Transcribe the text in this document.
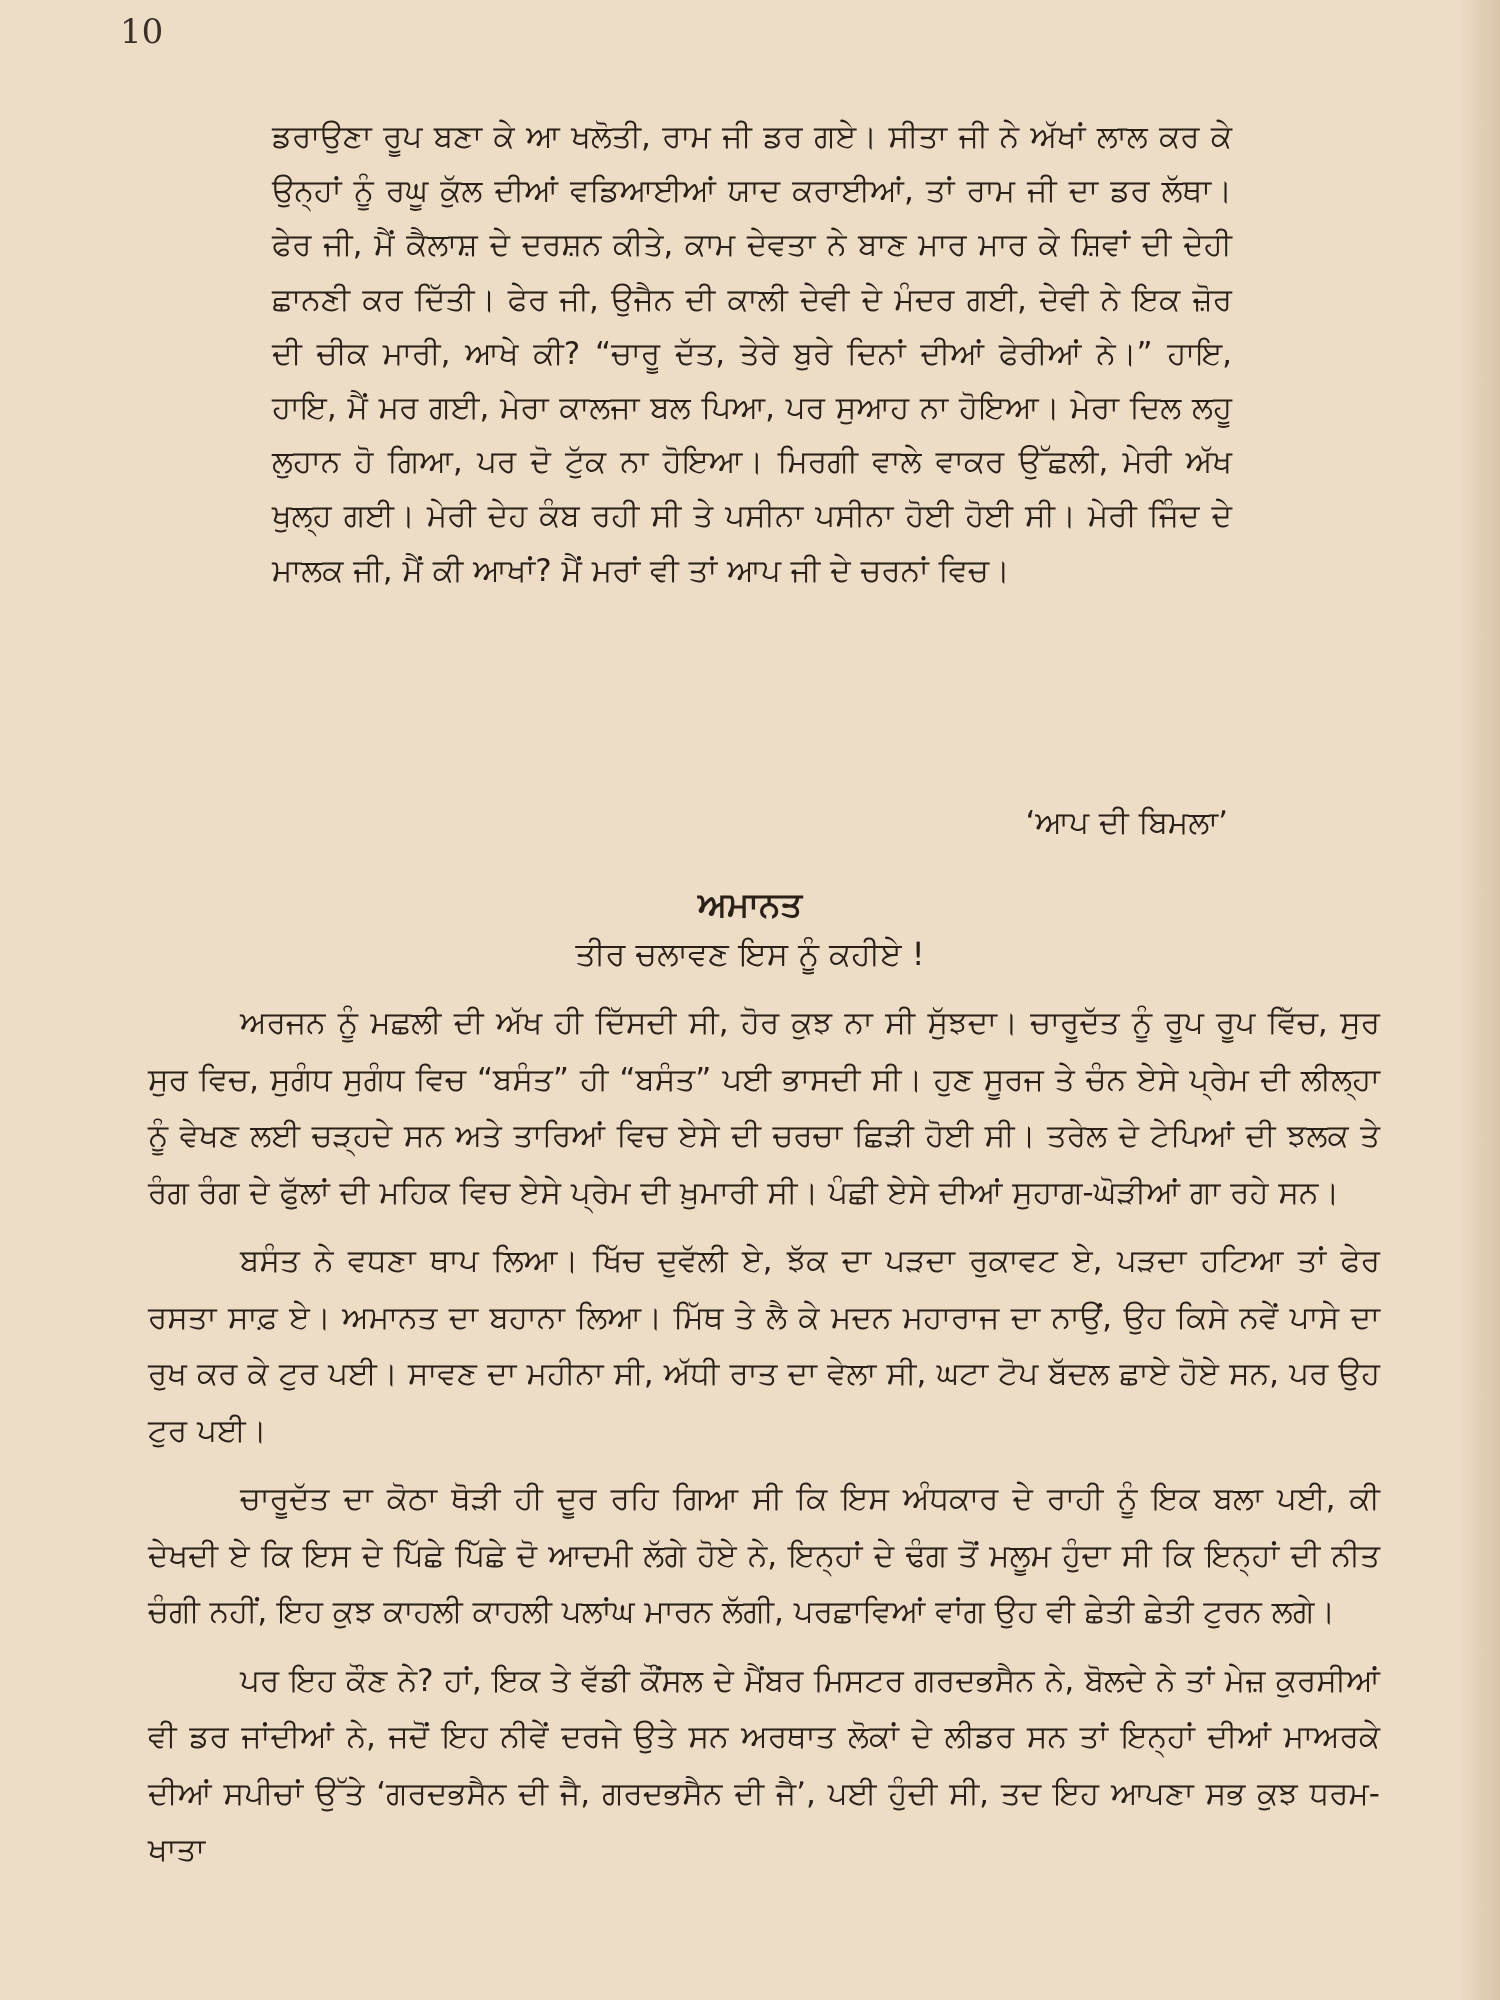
10

ਡਰਾਉਣਾ ਰੂਪ ਬਣਾ ਕੇ ਆ ਖਲੋਤੀ, ਰਾਮ ਜੀ ਡਰ ਗਏ। ਸੀਤਾ ਜੀ ਨੇ ਅੱਖਾਂ ਲਾਲ ਕਰ ਕੇ ਉਨ੍ਹਾਂ ਨੂੰ ਰਘੂ ਕੁੱਲ ਦੀਆਂ ਵਡਿਆਈਆਂ ਯਾਦ ਕਰਾਈਆਂ, ਤਾਂ ਰਾਮ ਜੀ ਦਾ ਡਰ ਲੱਥਾ। ਫੇਰ ਜੀ, ਮੈਂ ਕੈਲਾਸ਼ ਦੇ ਦਰਸ਼ਨ ਕੀਤੇ, ਕਾਮ ਦੇਵਤਾ ਨੇ ਬਾਣ ਮਾਰ ਮਾਰ ਕੇ ਸ਼ਿਵਾਂ ਦੀ ਦੇਹੀ ਛਾਨਣੀ ਕਰ ਦਿੱਤੀ। ਫੇਰ ਜੀ, ਉਜੈਨ ਦੀ ਕਾਲੀ ਦੇਵੀ ਦੇ ਮੰਦਰ ਗਈ, ਦੇਵੀ ਨੇ ਇਕ ਜ਼ੋਰ ਦੀ ਚੀਕ ਮਾਰੀ, ਆਖੇ ਕੀ? “ਚਾਰੂ ਦੱਤ, ਤੇਰੇ ਬੁਰੇ ਦਿਨਾਂ ਦੀਆਂ ਫੇਰੀਆਂ ਨੇ।” ਹਾਇ, ਹਾਇ, ਮੈਂ ਮਰ ਗਈ, ਮੇਰਾ ਕਾਲਜਾ ਬਲ ਪਿਆ, ਪਰ ਸੁਆਹ ਨਾ ਹੋਇਆ। ਮੇਰਾ ਦਿਲ ਲਹੂ ਲੁਹਾਨ ਹੋ ਗਿਆ, ਪਰ ਦੋ ਟੁੱਕ ਨਾ ਹੋਇਆ। ਮਿਰਗੀ ਵਾਲੇ ਵਾਕਰ ਉੱਛਲੀ, ਮੇਰੀ ਅੱਖ ਖੁਲ੍ਹ ਗਈ। ਮੇਰੀ ਦੇਹ ਕੰਬ ਰਹੀ ਸੀ ਤੇ ਪਸੀਨਾ ਪਸੀਨਾ ਹੋਈ ਹੋਈ ਸੀ। ਮੇਰੀ ਜਿੰਦ ਦੇ ਮਾਲਕ ਜੀ, ਮੈਂ ਕੀ ਆਖਾਂ? ਮੈਂ ਮਰਾਂ ਵੀ ਤਾਂ ਆਪ ਜੀ ਦੇ ਚਰਨਾਂ ਵਿਚ।

‘ਆਪ ਦੀ ਬਿਮਲਾ’
ਅਮਾਨਤ
ਤੀਰ ਚਲਾਵਣ ਇਸ ਨੂੰ ਕਹੀਏ !

ਅਰਜਨ ਨੂੰ ਮਛਲੀ ਦੀ ਅੱਖ ਹੀ ਦਿੱਸਦੀ ਸੀ, ਹੋਰ ਕੁਝ ਨਾ ਸੀ ਸੁੱਝਦਾ। ਚਾਰੂਦੱਤ ਨੂੰ ਰੂਪ ਰੂਪ ਵਿੱਚ, ਸੁਰ ਸੁਰ ਵਿਚ, ਸੁਗੰਧ ਸੁਗੰਧ ਵਿਚ “ਬਸੰਤ” ਹੀ “ਬਸੰਤ” ਪਈ ਭਾਸਦੀ ਸੀ। ਹੁਣ ਸੂਰਜ ਤੇ ਚੰਨ ਏਸੇ ਪ੍ਰੇਮ ਦੀ ਲੀਲ੍ਹਾ ਨੂੰ ਵੇਖਣ ਲਈ ਚੜ੍ਹਦੇ ਸਨ ਅਤੇ ਤਾਰਿਆਂ ਵਿਚ ਏਸੇ ਦੀ ਚਰਚਾ ਛਿੜੀ ਹੋਈ ਸੀ। ਤਰੇਲ ਦੇ ਟੇਪਿਆਂ ਦੀ ਝਲਕ ਤੇ ਰੰਗ ਰੰਗ ਦੇ ਫੁੱਲਾਂ ਦੀ ਮਹਿਕ ਵਿਚ ਏਸੇ ਪ੍ਰੇਮ ਦੀ ਖ਼ੁਮਾਰੀ ਸੀ। ਪੰਛੀ ਏਸੇ ਦੀਆਂ ਸੁਹਾਗ-ਘੋੜੀਆਂ ਗਾ ਰਹੇ ਸਨ।

ਬਸੰਤ ਨੇ ਵਧਣਾ ਥਾਪ ਲਿਆ। ਖਿੱਚ ਦੁਵੱਲੀ ਏ, ਝੱਕ ਦਾ ਪੜਦਾ ਰੁਕਾਵਟ ਏ, ਪੜਦਾ ਹਟਿਆ ਤਾਂ ਫੇਰ ਰਸਤਾ ਸਾਫ਼ ਏ। ਅਮਾਨਤ ਦਾ ਬਹਾਨਾ ਲਿਆ। ਮਿੱਥ ਤੇ ਲੈ ਕੇ ਮਦਨ ਮਹਾਰਾਜ ਦਾ ਨਾਉਂ, ਉਹ ਕਿਸੇ ਨਵੇਂ ਪਾਸੇ ਦਾ ਰੁਖ ਕਰ ਕੇ ਟੁਰ ਪਈ। ਸਾਵਣ ਦਾ ਮਹੀਨਾ ਸੀ, ਅੱਧੀ ਰਾਤ ਦਾ ਵੇਲਾ ਸੀ, ਘਟਾ ਟੋਪ ਬੱਦਲ ਛਾਏ ਹੋਏ ਸਨ, ਪਰ ਉਹ ਟੁਰ ਪਈ।

ਚਾਰੂਦੱਤ ਦਾ ਕੋਠਾ ਥੋੜੀ ਹੀ ਦੂਰ ਰਹਿ ਗਿਆ ਸੀ ਕਿ ਇਸ ਅੰਧਕਾਰ ਦੇ ਰਾਹੀ ਨੂੰ ਇਕ ਬਲਾ ਪਈ, ਕੀ ਦੇਖਦੀ ਏ ਕਿ ਇਸ ਦੇ ਪਿੱਛੇ ਪਿੱਛੇ ਦੋ ਆਦਮੀ ਲੱਗੇ ਹੋਏ ਨੇ, ਇਨ੍ਹਾਂ ਦੇ ਢੰਗ ਤੋਂ ਮਲੂਮ ਹੁੰਦਾ ਸੀ ਕਿ ਇਨ੍ਹਾਂ ਦੀ ਨੀਤ ਚੰਗੀ ਨਹੀਂ, ਇਹ ਕੁਝ ਕਾਹਲੀ ਕਾਹਲੀ ਪਲਾਂਘ ਮਾਰਨ ਲੱਗੀ, ਪਰਛਾਵਿਆਂ ਵਾਂਗ ਉਹ ਵੀ ਛੇਤੀ ਛੇਤੀ ਟੁਰਨ ਲਗੇ।

ਪਰ ਇਹ ਕੌਣ ਨੇ? ਹਾਂ, ਇਕ ਤੇ ਵੱਡੀ ਕੌਂਸਲ ਦੇ ਮੈਂਬਰ ਮਿਸਟਰ ਗਰਦਭਸੈਨ ਨੇ, ਬੋਲਦੇ ਨੇ ਤਾਂ ਮੇਜ਼ ਕੁਰਸੀਆਂ ਵੀ ਡਰ ਜਾਂਦੀਆਂ ਨੇ, ਜਦੋਂ ਇਹ ਨੀਵੇਂ ਦਰਜੇ ਉਤੇ ਸਨ ਅਰਥਾਤ ਲੋਕਾਂ ਦੇ ਲੀਡਰ ਸਨ ਤਾਂ ਇਨ੍ਹਾਂ ਦੀਆਂ ਮਾਅਰਕੇ ਦੀਆਂ ਸਪੀਚਾਂ ਉੱਤੇ ‘ਗਰਦਭਸੈਨ ਦੀ ਜੈ, ਗਰਦਭਸੈਨ ਦੀ ਜੈ’, ਪਈ ਹੁੰਦੀ ਸੀ, ਤਦ ਇਹ ਆਪਣਾ ਸਭ ਕੁਝ ਧਰਮ-ਖਾਤਾ
